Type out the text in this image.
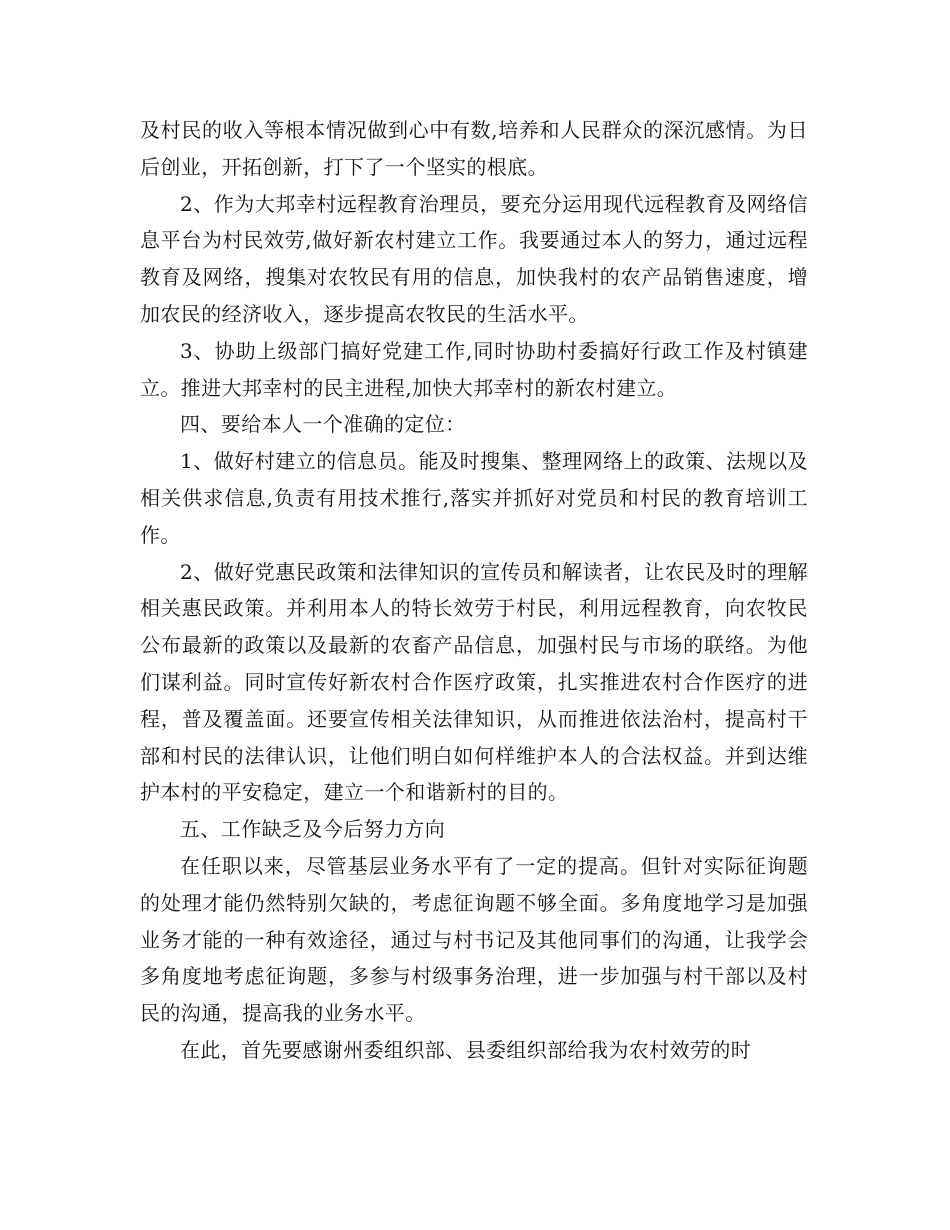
及村民的收入等根本情况做到心中有数,培养和人民群众的深沉感情。为日后创业，开拓创新，打下了一个坚实的根底。

2、作为大邦幸村远程教育治理员，要充分运用现代远程教育及网络信息平台为村民效劳,做好新农村建立工作。我要通过本人的努力，通过远程教育及网络，搜集对农牧民有用的信息，加快我村的农产品销售速度，增加农民的经济收入，逐步提高农牧民的生活水平。

3、协助上级部门搞好党建工作,同时协助村委搞好行政工作及村镇建立。推进大邦幸村的民主进程,加快大邦幸村的新农村建立。

四、要给本人一个准确的定位：

1、做好村建立的信息员。能及时搜集、整理网络上的政策、法规以及相关供求信息,负责有用技术推行,落实并抓好对党员和村民的教育培训工作。

2、做好党惠民政策和法律知识的宣传员和解读者，让农民及时的理解相关惠民政策。并利用本人的特长效劳于村民，利用远程教育，向农牧民公布最新的政策以及最新的农畜产品信息，加强村民与市场的联络。为他们谋利益。同时宣传好新农村合作医疗政策，扎实推进农村合作医疗的进程，普及覆盖面。还要宣传相关法律知识，从而推进依法治村，提高村干部和村民的法律认识，让他们明白如何样维护本人的合法权益。并到达维护本村的平安稳定，建立一个和谐新村的目的。

五、工作缺乏及今后努力方向

在任职以来，尽管基层业务水平有了一定的提高。但针对实际征询题的处理才能仍然特别欠缺的，考虑征询题不够全面。多角度地学习是加强业务才能的一种有效途径，通过与村书记及其他同事们的沟通，让我学会多角度地考虑征询题，多参与村级事务治理，进一步加强与村干部以及村民的沟通，提高我的业务水平。

在此，首先要感谢州委组织部、县委组织部给我为农村效劳的时
